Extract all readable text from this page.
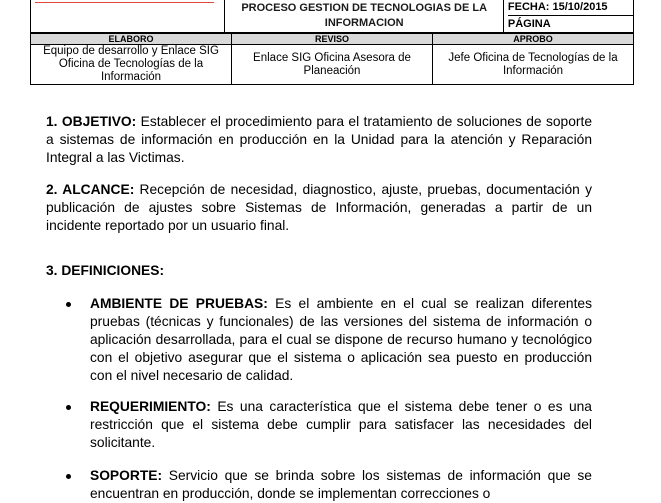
	PROCESO GESTION DE TECNOLOGIAS DE LA INFORMACION	
FECHA: 15/10/2015
PÁGINA
ELABORO	REVISO	APROBO
Equipo de desarrollo y Enlace SIG Oficina de Tecnologías de la Información	Enlace SIG Oficina Asesora de Planeación	Jefe Oficina de Tecnologías de la Información
1. OBJETIVO: Establecer el procedimiento para el tratamiento de soluciones de soporte a sistemas de información en producción en la Unidad para la atención y Reparación Integral a las Victimas.
2. ALCANCE: Recepción de necesidad, diagnostico, ajuste, pruebas, documentación y publicación de ajustes sobre Sistemas de Información, generadas a partir de un incidente reportado por un usuario final.
3. DEFINICIONES:
AMBIENTE DE PRUEBAS: Es el ambiente en el cual se realizan diferentes pruebas (técnicas y funcionales) de las versiones del sistema de información o aplicación desarrollada, para el cual se dispone de recurso humano y tecnológico con el objetivo asegurar que el sistema o aplicación sea puesto en producción con el nivel necesario de calidad.
REQUERIMIENTO: Es una característica que el sistema debe tener o es una restricción que el sistema debe cumplir para satisfacer las necesidades del solicitante.
SOPORTE: Servicio que se brinda sobre los sistemas de información que se encuentran en producción, donde se implementan correcciones o
